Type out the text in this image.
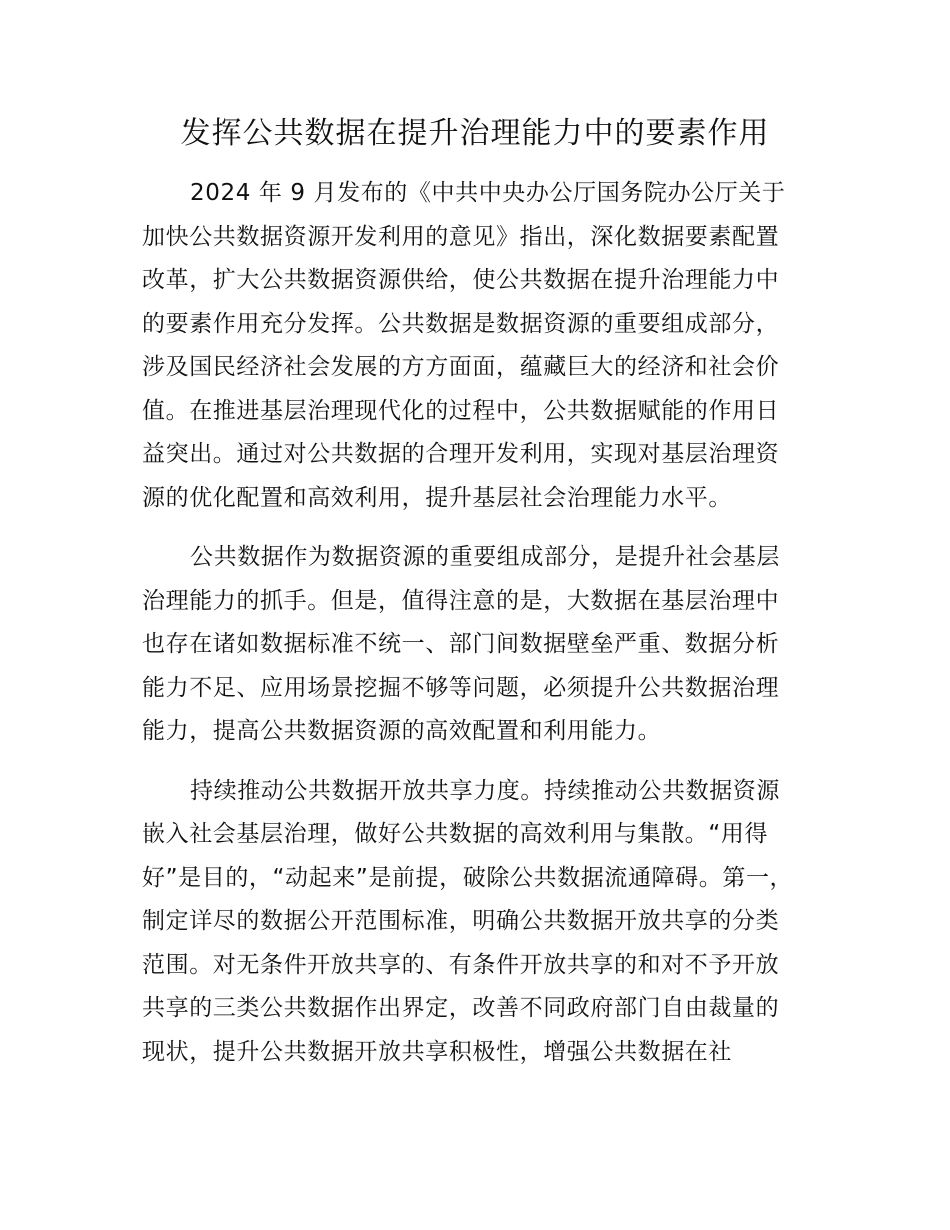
发挥公共数据在提升治理能力中的要素作用
2024 年 9 月发布的《中共中央办公厅国务院办公厅关于
加快公共数据资源开发利用的意见》指出，深化数据要素配置
改革，扩大公共数据资源供给，使公共数据在提升治理能力中
的要素作用充分发挥。公共数据是数据资源的重要组成部分，
涉及国民经济社会发展的方方面面，蕴藏巨大的经济和社会价
值。在推进基层治理现代化的过程中，公共数据赋能的作用日
益突出。通过对公共数据的合理开发利用，实现对基层治理资
源的优化配置和高效利用，提升基层社会治理能力水平。
公共数据作为数据资源的重要组成部分，是提升社会基层
治理能力的抓手。但是，值得注意的是，大数据在基层治理中
也存在诸如数据标准不统一、部门间数据壁垒严重、数据分析
能力不足、应用场景挖掘不够等问题，必须提升公共数据治理
能力，提高公共数据资源的高效配置和利用能力。
持续推动公共数据开放共享力度。持续推动公共数据资源
嵌入社会基层治理，做好公共数据的高效利用与集散。“用得
好”是目的，“动起来”是前提，破除公共数据流通障碍。第一，
制定详尽的数据公开范围标准，明确公共数据开放共享的分类
范围。对无条件开放共享的、有条件开放共享的和对不予开放
共享的三类公共数据作出界定，改善不同政府部门自由裁量的
现状，提升公共数据开放共享积极性，增强公共数据在社
